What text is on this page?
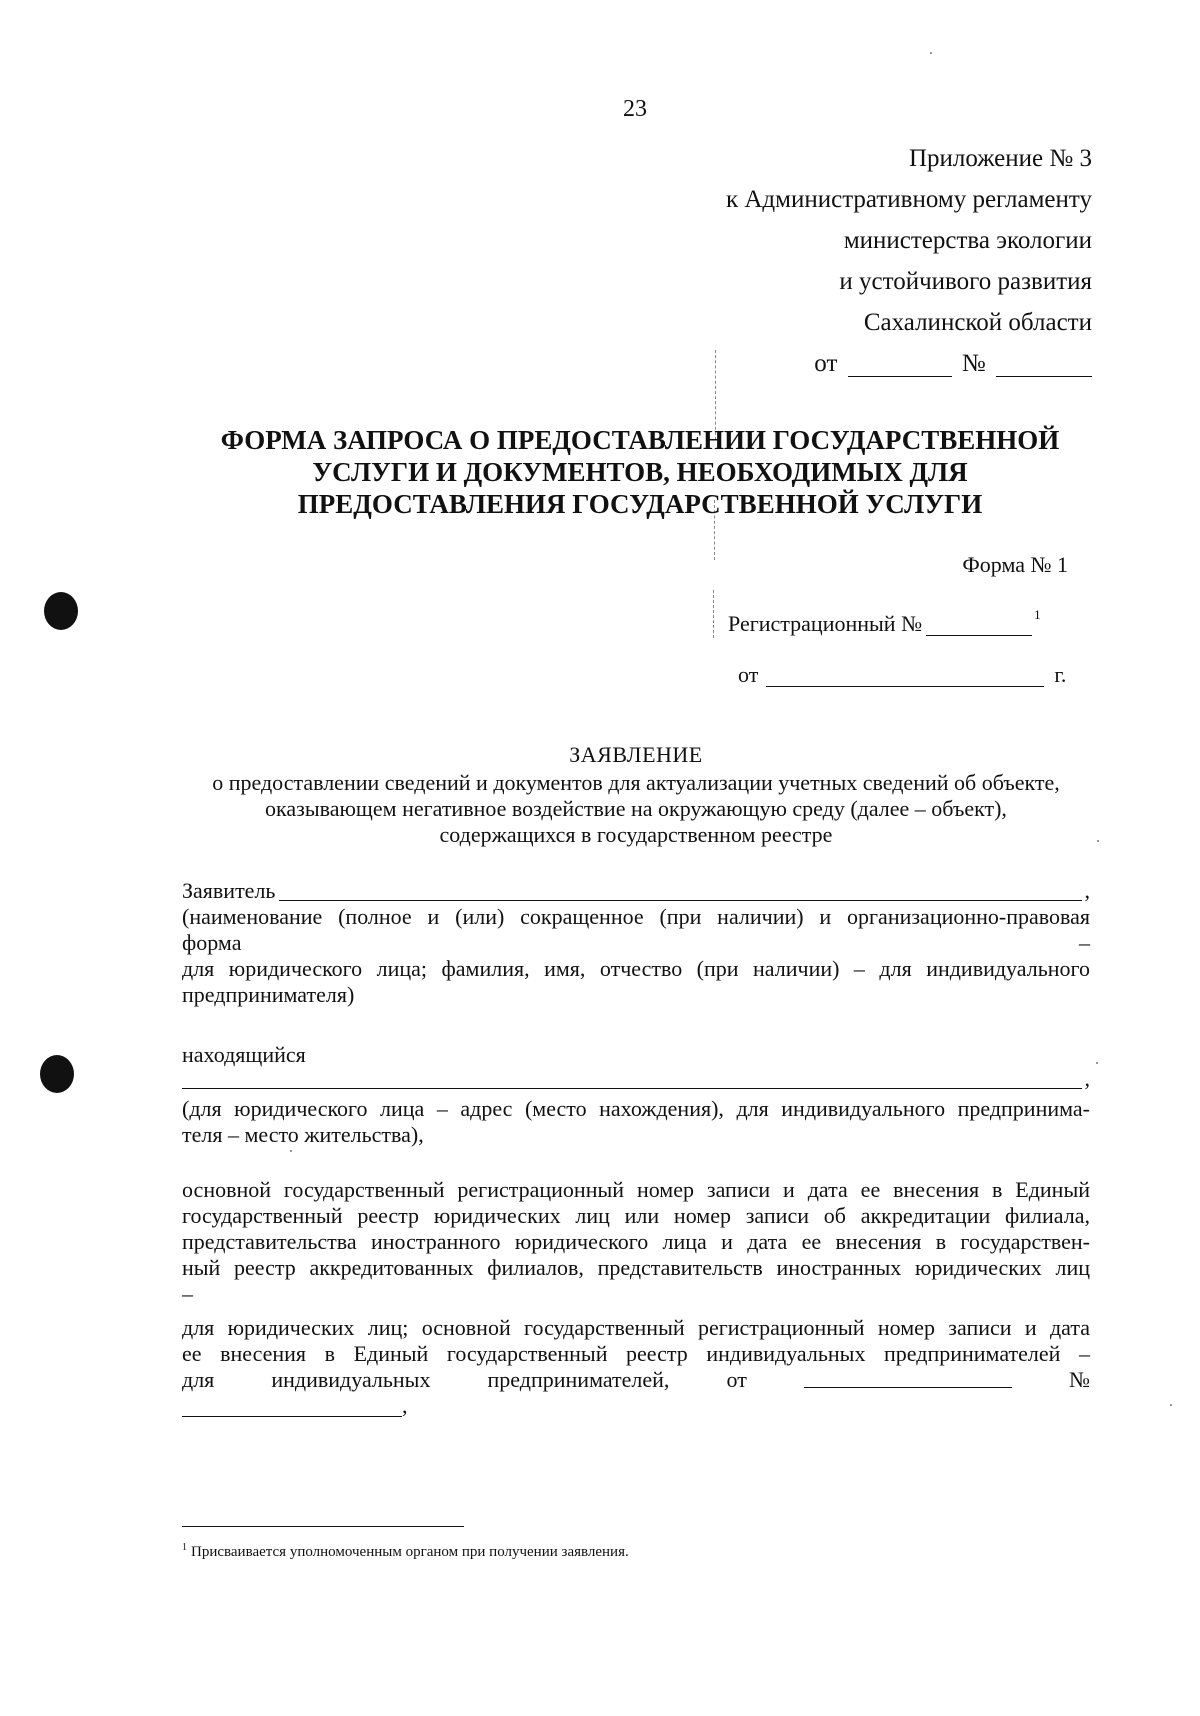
23
Приложение № 3
к Административному регламенту
министерства экологии
и устойчивого развития
Сахалинской области
от	№
ФОРМА ЗАПРОСА О ПРЕДОСТАВЛЕНИИ ГОСУДАРСТВЕННОЙ
УСЛУГИ И ДОКУМЕНТОВ, НЕОБХОДИМЫХ ДЛЯ
ПРЕДОСТАВЛЕНИЯ ГОСУДАРСТВЕННОЙ УСЛУГИ
Форма № 1
Регистрационный №	$^1$
от	г.
ЗАЯВЛЕНИЕ
о предоставлении сведений и документов для актуализации учетных сведений об объекте,
оказывающем негативное воздействие на окружающую среду (далее – объект),
содержащихся в государственном реестре
Заявитель	,
(наименование (полное и (или) сокращенное (при наличии) и организационно-правовая
форма	–
для юридического лица; фамилия, имя, отчество (при наличии) – для индивидуального
предпринимателя)
находящийся
,
(для юридического лица – адрес (место нахождения), для индивидуального предпринима-
теля – место жительства),
основной государственный регистрационный номер записи и дата ее внесения в Единый
государственный реестр юридических лиц или номер записи об аккредитации филиала,
представительства иностранного юридического лица и дата ее внесения в государствен-
ный реестр аккредитованных филиалов, представительств иностранных юридических лиц
–
для юридических лиц; основной государственный регистрационный номер записи и дата
ее внесения в Единый государственный реестр индивидуальных предпринимателей –
для	индивидуальных	предпринимателей,	от	№
,
$^1$ Присваивается уполномоченным органом при получении заявления.
